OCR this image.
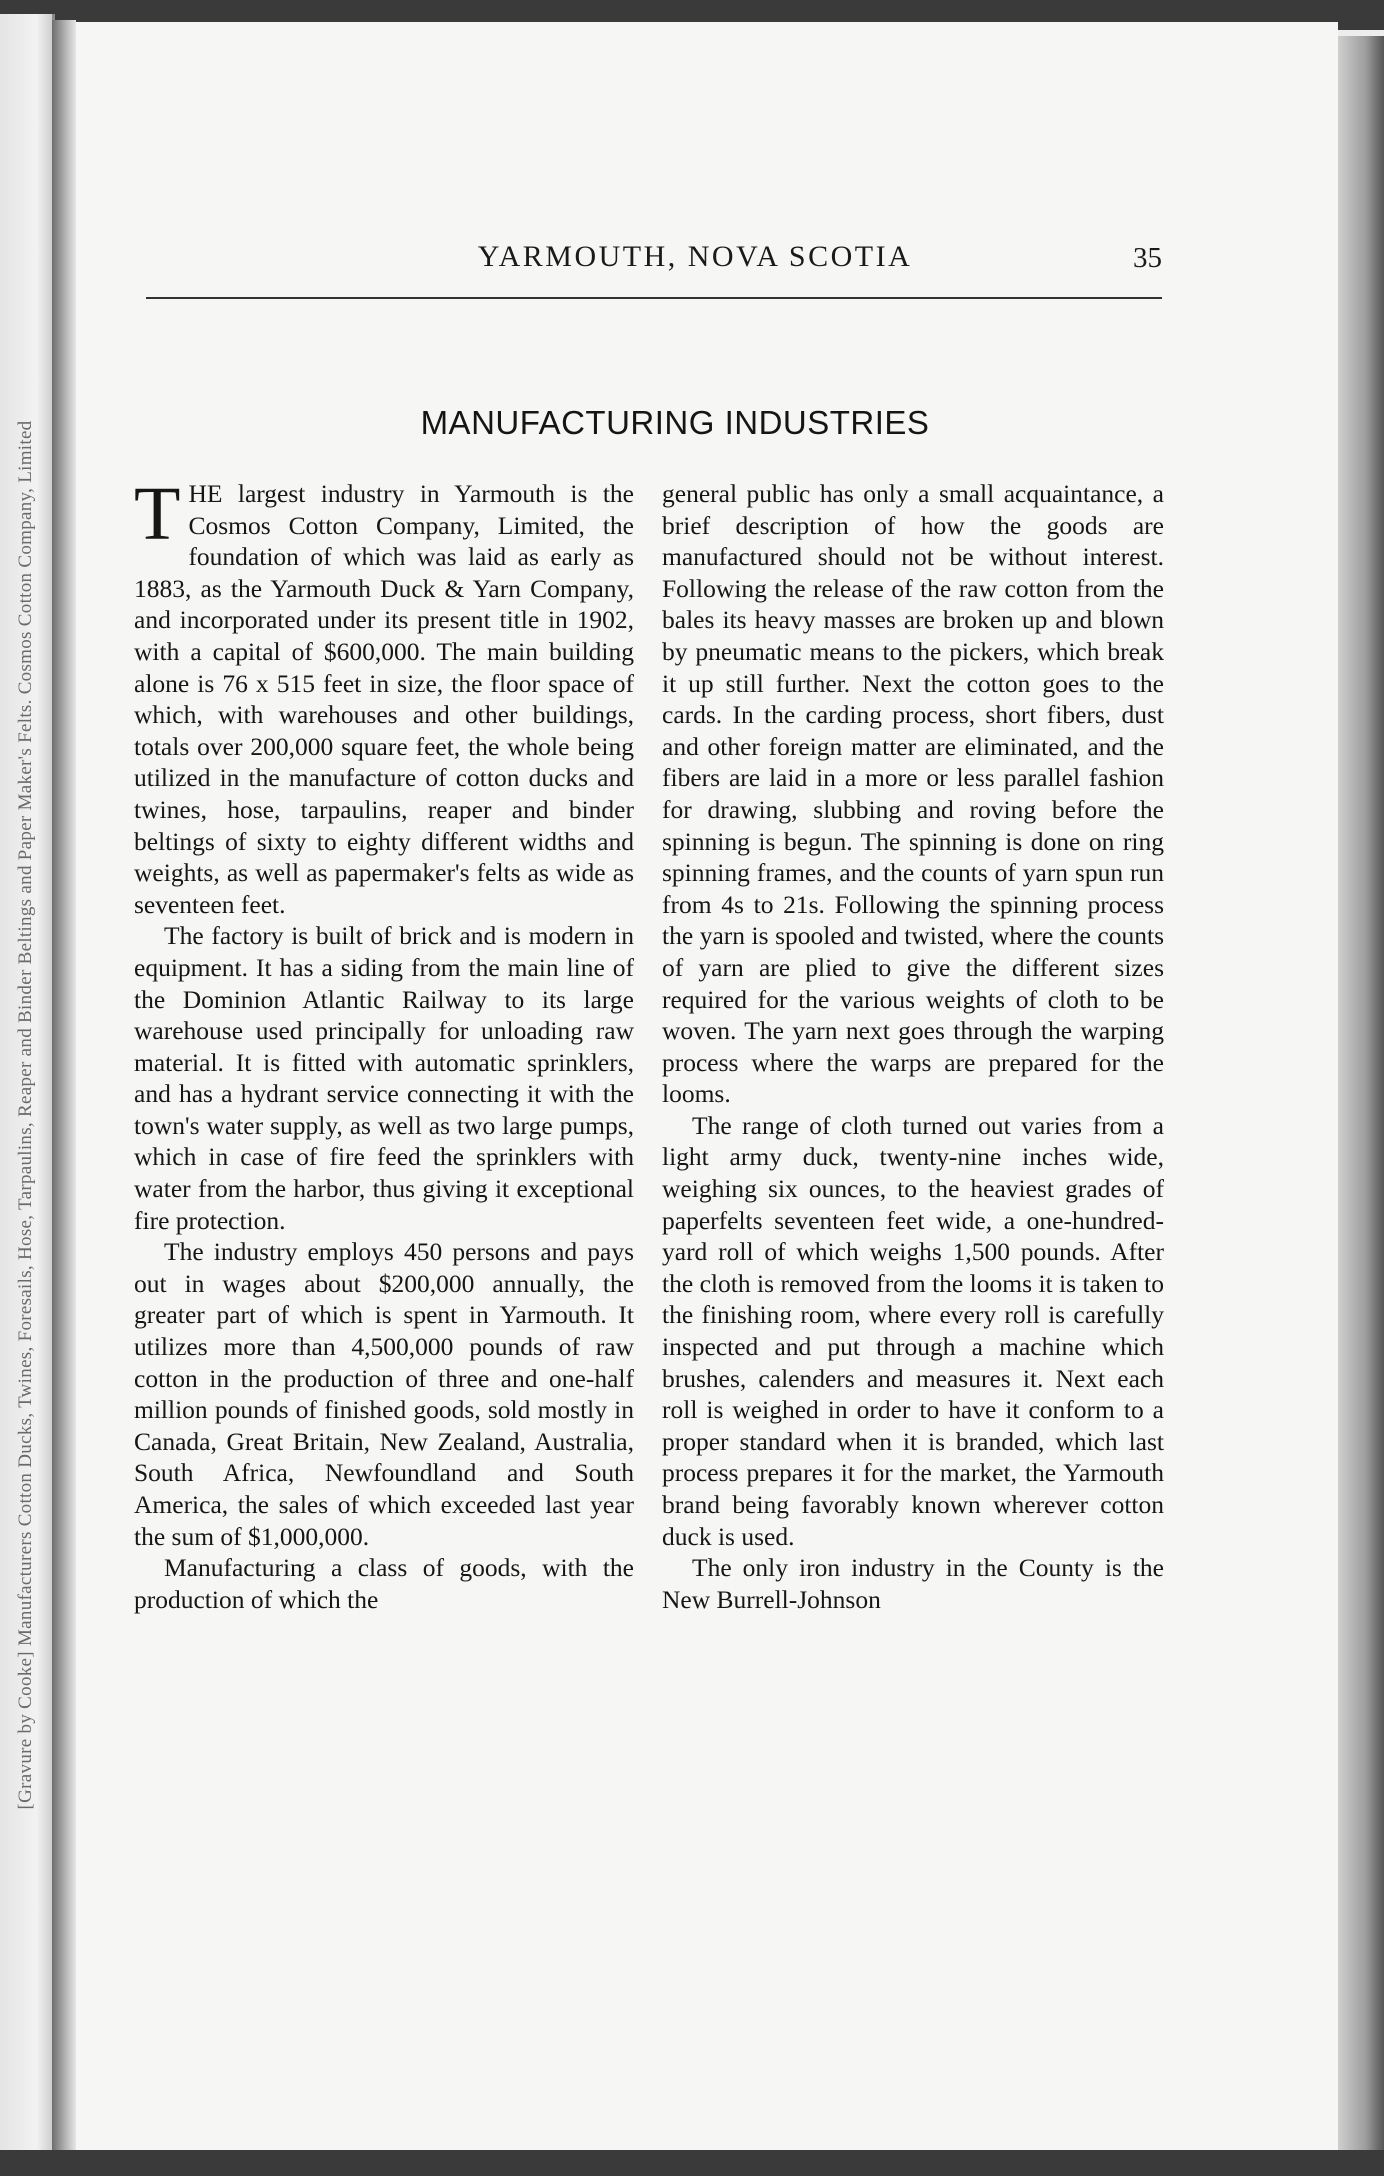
[Gravure by Cooke] Manufacturers Cotton Ducks, Twines, Foresails, Hose, Tarpaulins, Reaper and Binder Beltings and Paper Maker's Felts. Cosmos Cotton Company, Limited
YARMOUTH, NOVA SCOTIA	35
MANUFACTURING INDUSTRIES

THE largest industry in Yarmouth is the Cosmos Cotton Company, Limited, the foundation of which was laid as early as 1883, as the Yarmouth Duck & Yarn Company, and incorporated under its present title in 1902, with a capital of $600,000. The main building alone is 76 x 515 feet in size, the floor space of which, with warehouses and other buildings, totals over 200,000 square feet, the whole being utilized in the manufacture of cotton ducks and twines, hose, tarpaulins, reaper and binder beltings of sixty to eighty different widths and weights, as well as papermaker's felts as wide as seventeen feet.

The factory is built of brick and is modern in equipment. It has a siding from the main line of the Dominion Atlantic Railway to its large warehouse used principally for unloading raw material. It is fitted with automatic sprinklers, and has a hydrant service connecting it with the town's water supply, as well as two large pumps, which in case of fire feed the sprinklers with water from the harbor, thus giving it exceptional fire protection.

The industry employs 450 persons and pays out in wages about $200,000 annually, the greater part of which is spent in Yarmouth. It utilizes more than 4,500,000 pounds of raw cotton in the production of three and one-half million pounds of finished goods, sold mostly in Canada, Great Britain, New Zealand, Australia, South Africa, Newfoundland and South America, the sales of which exceeded last year the sum of $1,000,000.

Manufacturing a class of goods, with the production of which the

general public has only a small acquaintance, a brief description of how the goods are manufactured should not be without interest. Following the release of the raw cotton from the bales its heavy masses are broken up and blown by pneumatic means to the pickers, which break it up still further. Next the cotton goes to the cards. In the carding process, short fibers, dust and other foreign matter are eliminated, and the fibers are laid in a more or less parallel fashion for drawing, slubbing and roving before the spinning is begun. The spinning is done on ring spinning frames, and the counts of yarn spun run from 4s to 21s. Following the spinning process the yarn is spooled and twisted, where the counts of yarn are plied to give the different sizes required for the various weights of cloth to be woven. The yarn next goes through the warping process where the warps are prepared for the looms.

The range of cloth turned out varies from a light army duck, twenty-nine inches wide, weighing six ounces, to the heaviest grades of paperfelts seventeen feet wide, a one-hundred-yard roll of which weighs 1,500 pounds. After the cloth is removed from the looms it is taken to the finishing room, where every roll is carefully inspected and put through a machine which brushes, calenders and measures it. Next each roll is weighed in order to have it conform to a proper standard when it is branded, which last process prepares it for the market, the Yarmouth brand being favorably known wherever cotton duck is used.

The only iron industry in the County is the New Burrell-Johnson
